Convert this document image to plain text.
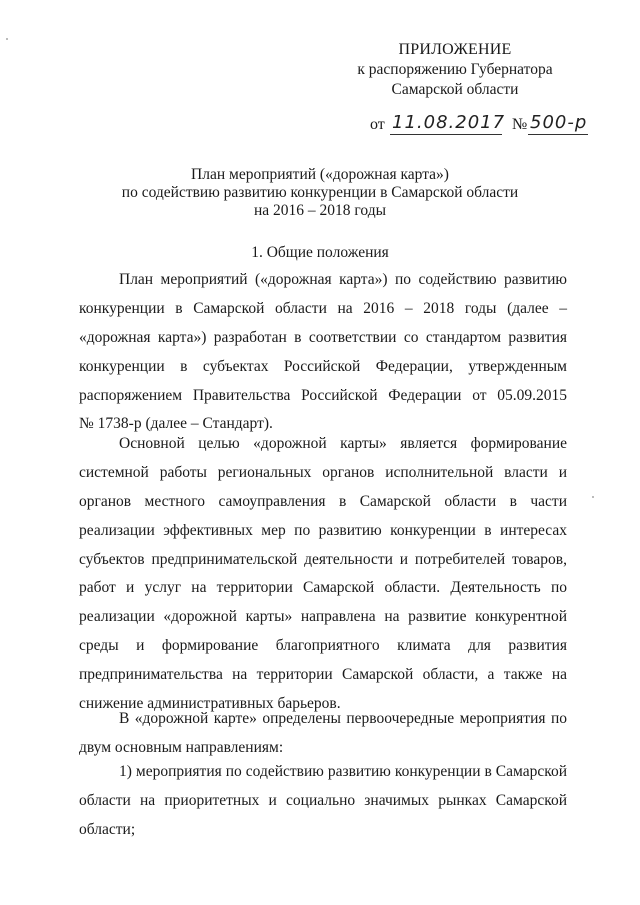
ПРИЛОЖЕНИЕ
к распоряжению Губернатора
Самарской области
от 11.08.2017 № 500-р
План мероприятий («дорожная карта»)
по содействию развитию конкуренции в Самарской области
на 2016 – 2018 годы
1. Общие положения
План мероприятий («дорожная карта») по содействию развитию
конкуренции в Самарской области на 2016 – 2018 годы (далее –
«дорожная карта») разработан в соответствии со стандартом развития
конкуренции в субъектах Российской Федерации, утвержденным
распоряжением Правительства Российской Федерации от 05.09.2015
№ 1738-р (далее – Стандарт).
Основной целью «дорожной карты» является формирование
системной работы региональных органов исполнительной власти и
органов местного самоуправления в Самарской области в части
реализации эффективных мер по развитию конкуренции в интересах
субъектов предпринимательской деятельности и потребителей товаров,
работ и услуг на территории Самарской области. Деятельность по
реализации «дорожной карты» направлена на развитие конкурентной
среды и формирование благоприятного климата для развития
предпринимательства на территории Самарской области, а также на
снижение административных барьеров.
В «дорожной карте» определены первоочередные мероприятия по
двум основным направлениям:
1) мероприятия по содействию развитию конкуренции в Самарской
области на приоритетных и социально значимых рынках Самарской
области;
